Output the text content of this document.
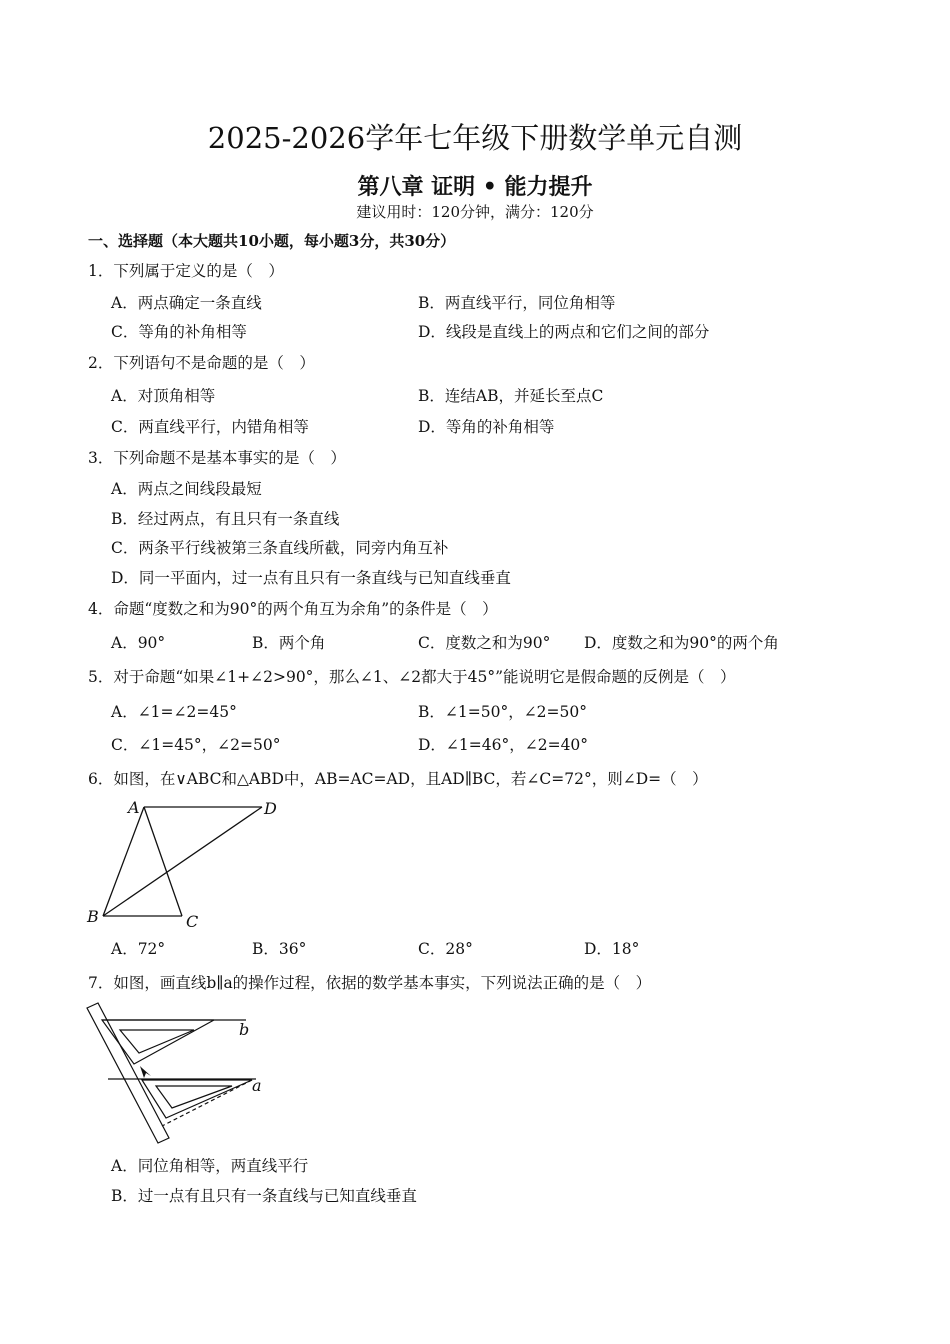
2025-2026学年七年级下册数学单元自测
第八章 证明 • 能力提升
建议用时：120分钟，满分：120分
一、选择题（本大题共10小题，每小题3分，共30分）
1．下列属于定义的是（　）
A．两点确定一条直线	B．两直线平行，同位角相等
C．等角的补角相等	D．线段是直线上的两点和它们之间的部分
2．下列语句不是命题的是（　）
A．对顶角相等	B．连结AB，并延长至点C
C．两直线平行，内错角相等	D．等角的补角相等
3．下列命题不是基本事实的是（　）
A．两点之间线段最短
B．经过两点，有且只有一条直线
C．两条平行线被第三条直线所截，同旁内角互补
D．同一平面内，过一点有且只有一条直线与已知直线垂直
4．命题“度数之和为90°的两个角互为余角”的条件是（　）
A．90°	B．两个角	C．度数之和为90° D．度数之和为90°的两个角
5．对于命题“如果∠1+∠2>90°，那么∠1、∠2都大于45°”能说明它是假命题的反例是（　）
A．∠1=∠2=45°	B．∠1=50°，∠2=50°
C．∠1=45°，∠2=50°	D．∠1=46°，∠2=40°
6．如图，在∨ABC和△ABD中，AB=AC=AD，且AD∥BC，若∠C=72°，则∠D=（　）
A	D
B	C
A．72°	B．36°	C．28°	D．18°
7．如图，画直线b∥a的操作过程，依据的数学基本事实，下列说法正确的是（　）
b
a
A．同位角相等，两直线平行
B．过一点有且只有一条直线与已知直线垂直
